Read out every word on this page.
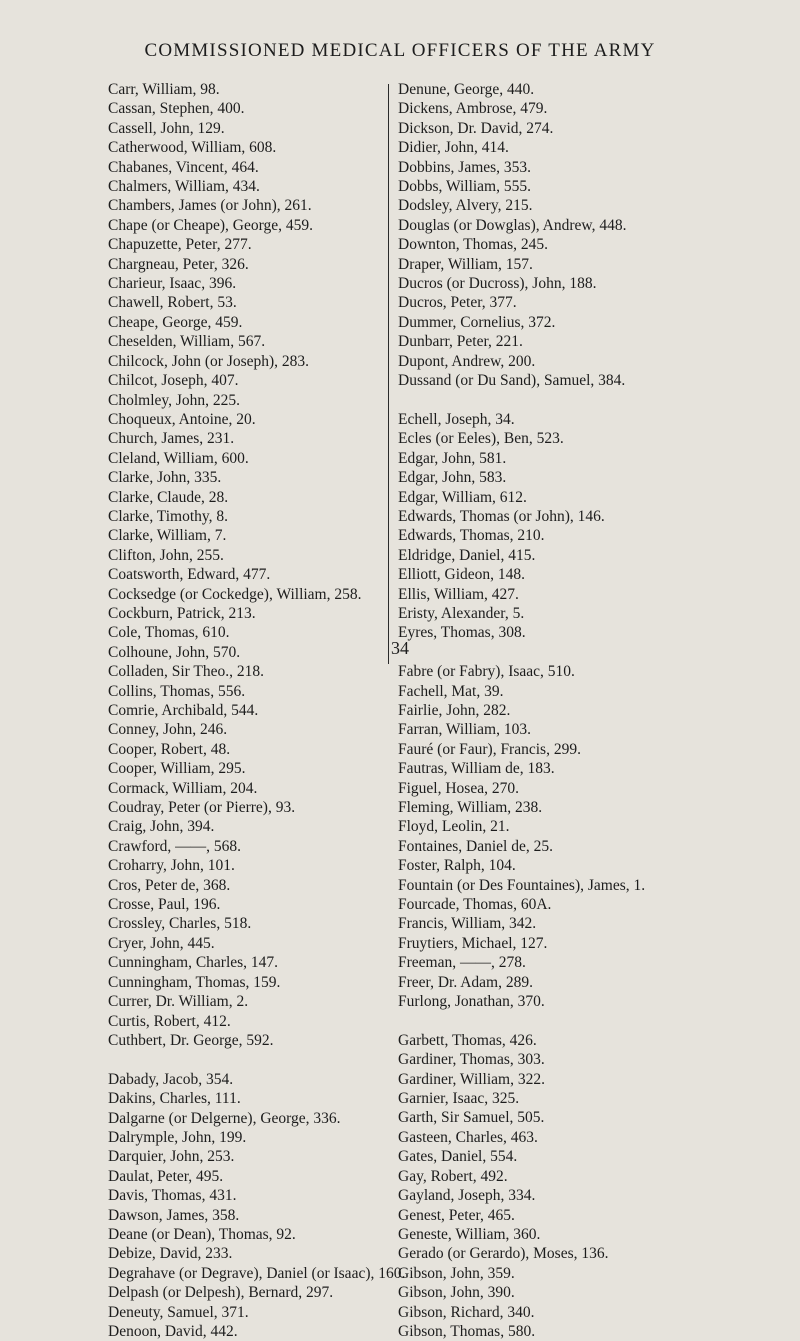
COMMISSIONED MEDICAL OFFICERS OF THE ARMY
Carr, William, 98.
Cassan, Stephen, 400.
Cassell, John, 129.
Catherwood, William, 608.
Chabanes, Vincent, 464.
Chalmers, William, 434.
Chambers, James (or John), 261.
Chape (or Cheape), George, 459.
Chapuzette, Peter, 277.
Chargneau, Peter, 326.
Charieur, Isaac, 396.
Chawell, Robert, 53.
Cheape, George, 459.
Cheselden, William, 567.
Chilcock, John (or Joseph), 283.
Chilcot, Joseph, 407.
Cholmley, John, 225.
Choqueux, Antoine, 20.
Church, James, 231.
Cleland, William, 600.
Clarke, John, 335.
Clarke, Claude, 28.
Clarke, Timothy, 8.
Clarke, William, 7.
Clifton, John, 255.
Coatsworth, Edward, 477.
Cocksedge (or Cockedge), William, 258.
Cockburn, Patrick, 213.
Cole, Thomas, 610.
Colhoune, John, 570.
Colladen, Sir Theo., 218.
Collins, Thomas, 556.
Comrie, Archibald, 544.
Conney, John, 246.
Cooper, Robert, 48.
Cooper, William, 295.
Cormack, William, 204.
Coudray, Peter (or Pierre), 93.
Craig, John, 394.
Crawford, ——, 568.
Croharry, John, 101.
Cros, Peter de, 368.
Crosse, Paul, 196.
Crossley, Charles, 518.
Cryer, John, 445.
Cunningham, Charles, 147.
Cunningham, Thomas, 159.
Currer, Dr. William, 2.
Curtis, Robert, 412.
Cuthbert, Dr. George, 592.
Dabady, Jacob, 354.
Dakins, Charles, 111.
Dalgarne (or Delgerne), George, 336.
Dalrymple, John, 199.
Darquier, John, 253.
Daulat, Peter, 495.
Davis, Thomas, 431.
Dawson, James, 358.
Deane (or Dean), Thomas, 92.
Debize, David, 233.
Degrahave (or Degrave), Daniel (or Isaac), 160.
Delpash (or Delpesh), Bernard, 297.
Deneuty, Samuel, 371.
Denoon, David, 442.
Denune, George, 440.
Dickens, Ambrose, 479.
Dickson, Dr. David, 274.
Didier, John, 414.
Dobbins, James, 353.
Dobbs, William, 555.
Dodsley, Alvery, 215.
Douglas (or Dowglas), Andrew, 448.
Downton, Thomas, 245.
Draper, William, 157.
Ducros (or Ducross), John, 188.
Ducros, Peter, 377.
Dummer, Cornelius, 372.
Dunbarr, Peter, 221.
Dupont, Andrew, 200.
Dussand (or Du Sand), Samuel, 384.
Echell, Joseph, 34.
Ecles (or Eeles), Ben, 523.
Edgar, John, 581.
Edgar, John, 583.
Edgar, William, 612.
Edwards, Thomas (or John), 146.
Edwards, Thomas, 210.
Eldridge, Daniel, 415.
Elliott, Gideon, 148.
Ellis, William, 427.
Eristy, Alexander, 5.
Eyres, Thomas, 308.
Fabre (or Fabry), Isaac, 510.
Fachell, Mat, 39.
Fairlie, John, 282.
Farran, William, 103.
Fauré (or Faur), Francis, 299.
Fautras, William de, 183.
Figuel, Hosea, 270.
Fleming, William, 238.
Floyd, Leolin, 21.
Fontaines, Daniel de, 25.
Foster, Ralph, 104.
Fountain (or Des Fountaines), James, 1.
Fourcade, Thomas, 60A.
Francis, William, 342.
Fruytiers, Michael, 127.
Freeman, ——, 278.
Freer, Dr. Adam, 289.
Furlong, Jonathan, 370.
Garbett, Thomas, 426.
Gardiner, Thomas, 303.
Gardiner, William, 322.
Garnier, Isaac, 325.
Garth, Sir Samuel, 505.
Gasteen, Charles, 463.
Gates, Daniel, 554.
Gay, Robert, 492.
Gayland, Joseph, 334.
Genest, Peter, 465.
Geneste, William, 360.
Gerado (or Gerardo), Moses, 136.
Gibson, John, 359.
Gibson, John, 390.
Gibson, Richard, 340.
Gibson, Thomas, 580.
34
